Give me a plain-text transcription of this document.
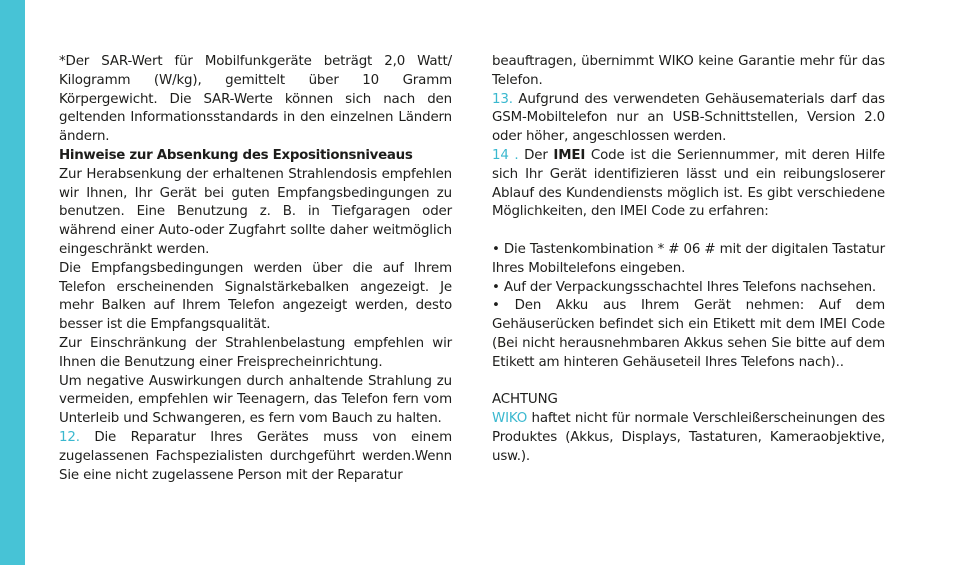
*Der SAR-Wert für Mobilfunkgeräte beträgt 2,0 Watt/ Kilogramm (W/kg), gemittelt über 10 Gramm Körpergewicht. Die SAR-Werte können sich nach den geltenden Informationsstandards in den einzelnen Ländern ändern.

Hinweise zur Absenkung des Expositionsniveaus

Zur Herabsenkung der erhaltenen Strahlendosis empfehlen wir Ihnen, Ihr Gerät bei guten Empfangsbedingungen zu benutzen. Eine Benutzung z. B. in Tiefgaragen oder während einer Auto-oder Zugfahrt sollte daher weitmöglich eingeschränkt werden.

Die Empfangsbedingungen werden über die auf Ihrem Telefon erscheinenden Signalstärkebalken angezeigt. Je mehr Balken auf Ihrem Telefon angezeigt werden, desto besser ist die Empfangsqualität.

Zur Einschränkung der Strahlenbelastung empfehlen wir Ihnen die Benutzung einer Freisprecheinrichtung.

Um negative Auswirkungen durch anhaltende Strahlung zu vermeiden, empfehlen wir Teenagern, das Telefon fern vom Unterleib und Schwangeren, es fern vom Bauch zu halten.

12. Die Reparatur Ihres Gerätes muss von einem zugelassenen Fachspezialisten durchgeführt werden.Wenn Sie eine nicht zugelassene Person mit der Reparatur

beauftragen, übernimmt WIKO keine Garantie mehr für das Telefon.

13. Aufgrund des verwendeten Gehäusematerials darf das GSM-Mobiltelefon nur an USB-Schnittstellen, Version 2.0 oder höher, angeschlossen werden.

14 . Der IMEI Code ist die Seriennummer, mit deren Hilfe sich Ihr Gerät identifizieren lässt und ein reibungsloserer Ablauf des Kundendiensts möglich ist. Es gibt verschiedene Möglichkeiten, den IMEI Code zu erfahren:

• Die Tastenkombination * # 06 # mit der digitalen Tastatur Ihres Mobiltelefons eingeben.

• Auf der Verpackungsschachtel Ihres Telefons nachsehen.

• Den Akku aus Ihrem Gerät nehmen: Auf dem Gehäuserücken befindet sich ein Etikett mit dem IMEI Code (Bei nicht herausnehmbaren Akkus sehen Sie bitte auf dem Etikett am hinteren Gehäuseteil Ihres Telefons nach)..

ACHTUNG

WIKO haftet nicht für normale Verschleißerscheinungen des Produktes (Akkus, Displays, Tastaturen, Kameraobjektive, usw.).
